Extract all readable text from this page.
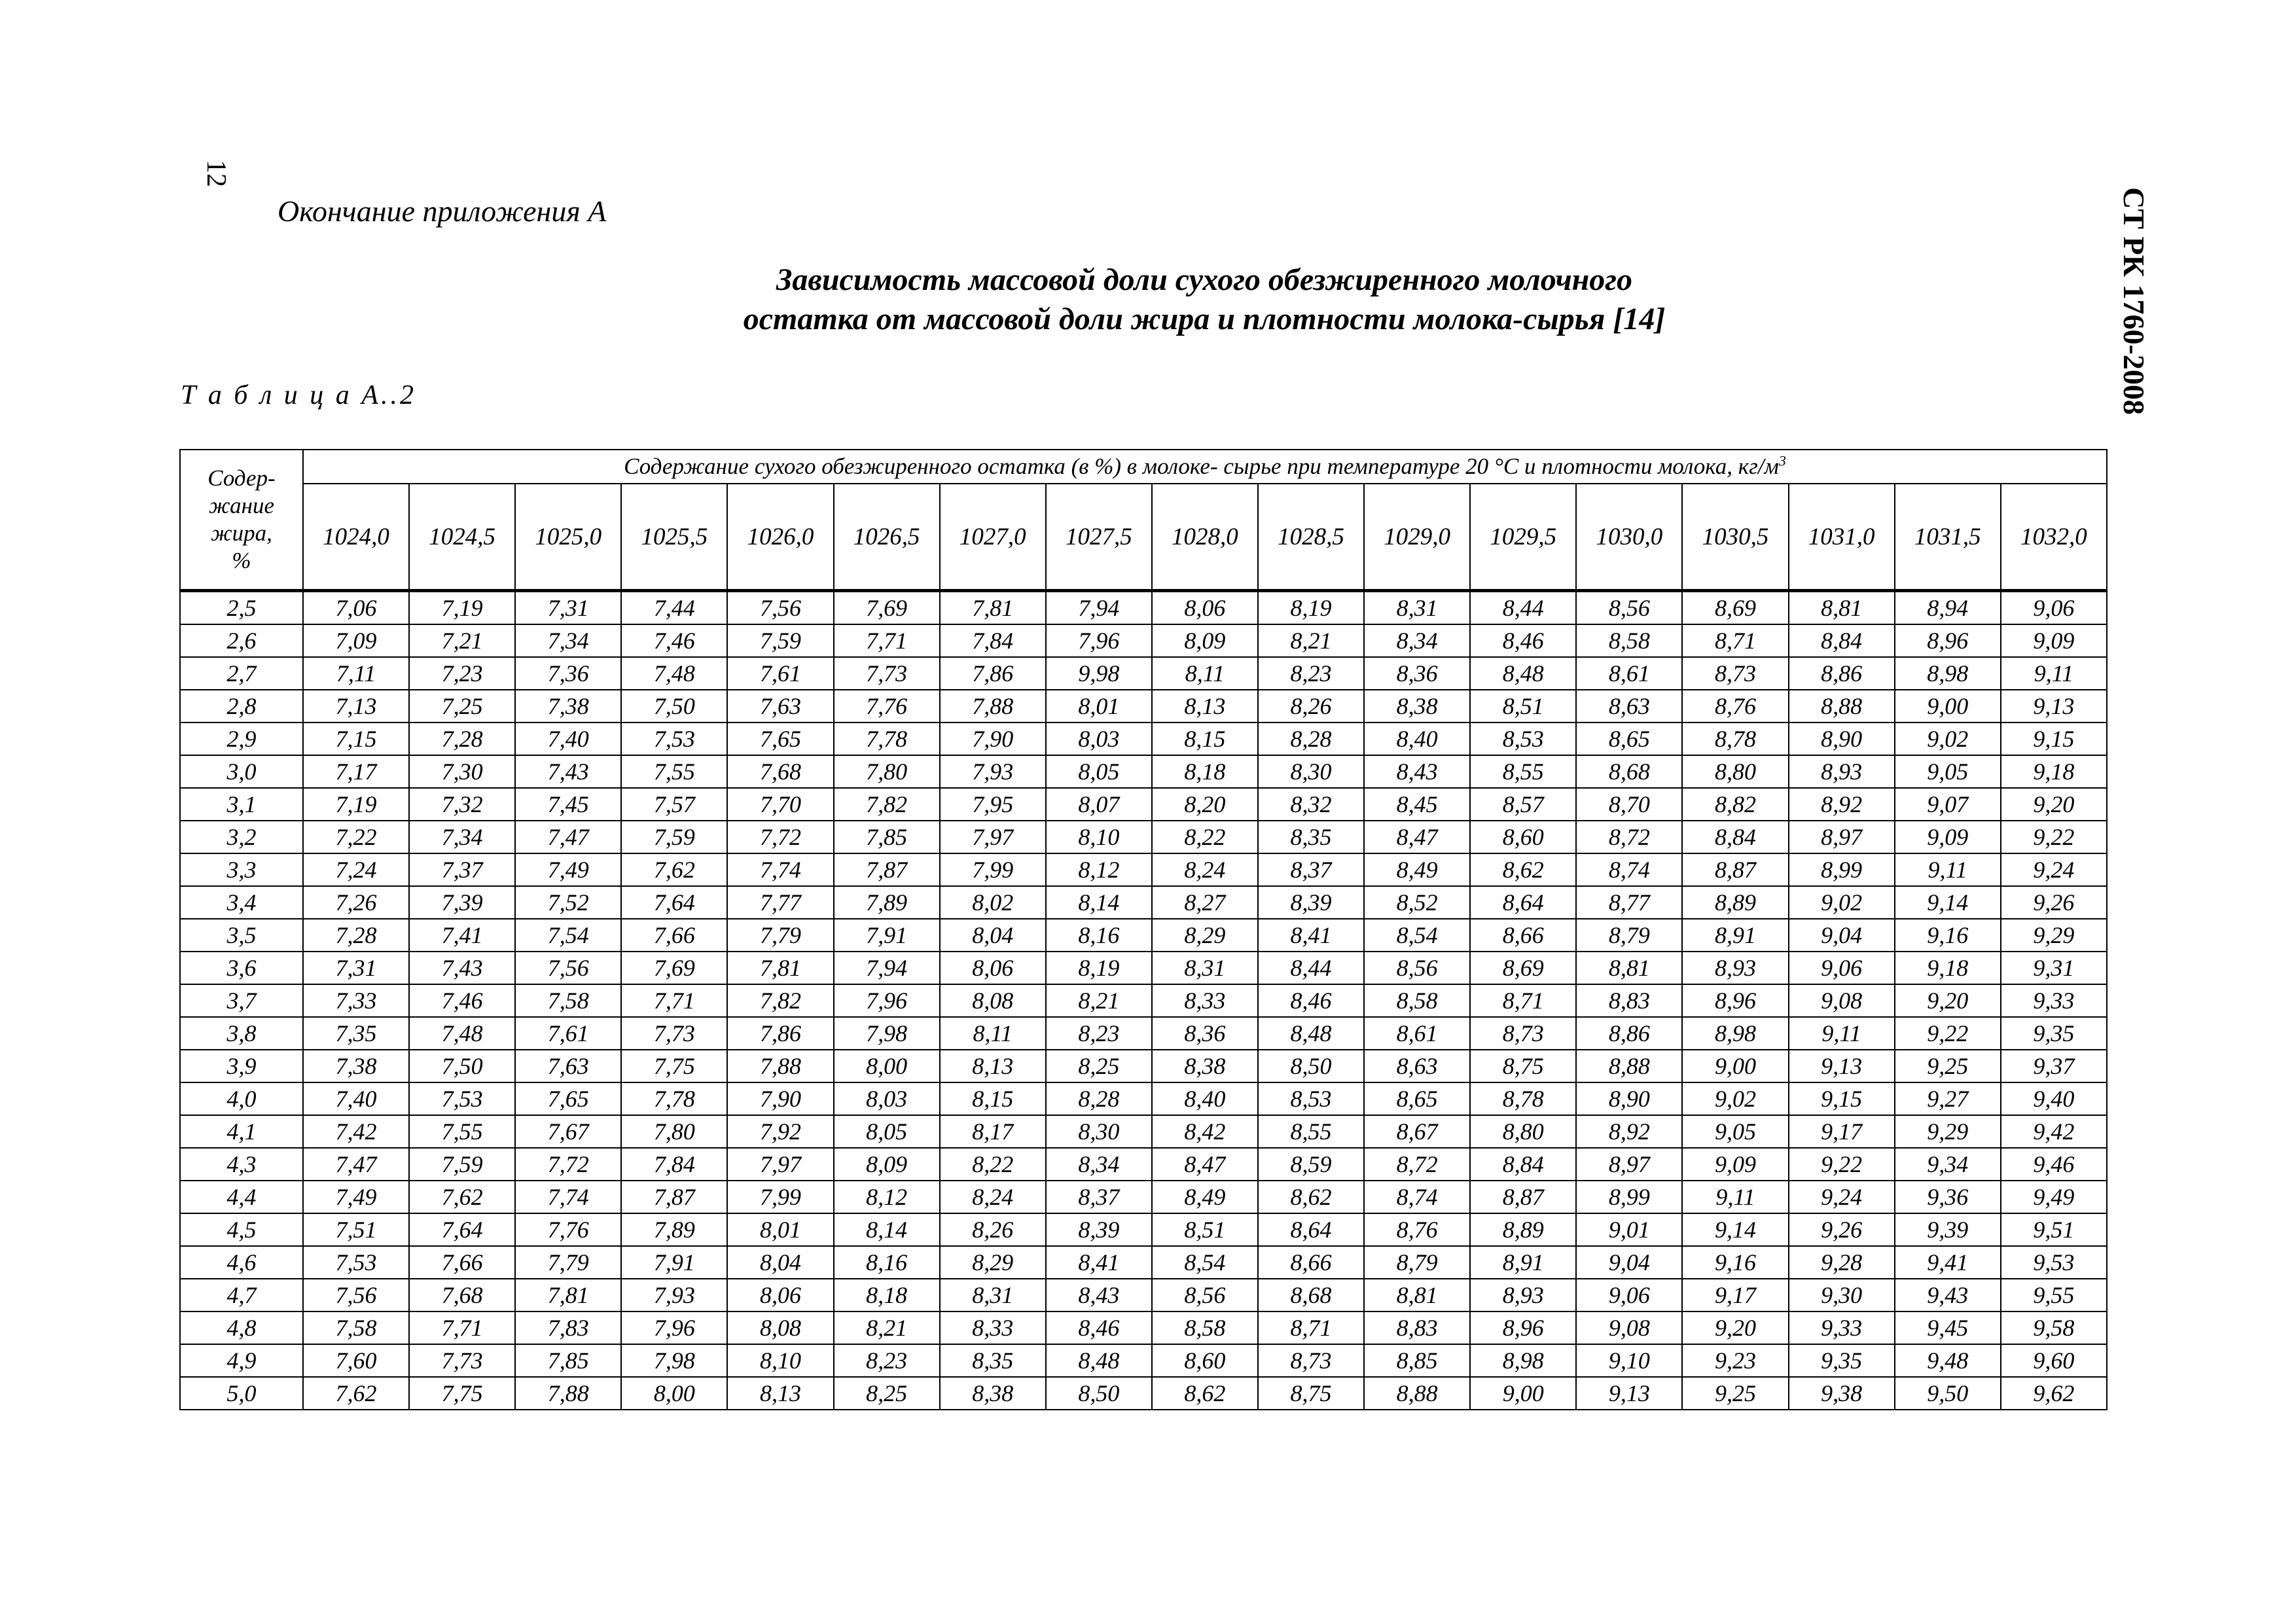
12
СТ РК 1760-2008
Окончание приложения А
Зависимость массовой доли сухого обезжиренного молочного
остатка от массовой доли жира и плотности молока-сырья [14]
Т а б л и ц а А..2
Содер-
жание
жира,
%	Содержание сухого обезжиренного остатка (в %) в молоке- сырье при температуре 20 °С и плотности молока, $кг/м^3$
	1024,0	1024,5	1025,0	1025,5	1026,0	1026,5	1027,0	1027,5	1028,0	1028,5	1029,0	1029,5	1030,0	1030,5	1031,0	1031,5	1032,0
2,5	7,06	7,19	7,31	7,44	7,56	7,69	7,81	7,94	8,06	8,19	8,31	8,44	8,56	8,69	8,81	8,94	9,06
2,6	7,09	7,21	7,34	7,46	7,59	7,71	7,84	7,96	8,09	8,21	8,34	8,46	8,58	8,71	8,84	8,96	9,09
2,7	7,11	7,23	7,36	7,48	7,61	7,73	7,86	9,98	8,11	8,23	8,36	8,48	8,61	8,73	8,86	8,98	9,11
2,8	7,13	7,25	7,38	7,50	7,63	7,76	7,88	8,01	8,13	8,26	8,38	8,51	8,63	8,76	8,88	9,00	9,13
2,9	7,15	7,28	7,40	7,53	7,65	7,78	7,90	8,03	8,15	8,28	8,40	8,53	8,65	8,78	8,90	9,02	9,15
3,0	7,17	7,30	7,43	7,55	7,68	7,80	7,93	8,05	8,18	8,30	8,43	8,55	8,68	8,80	8,93	9,05	9,18
3,1	7,19	7,32	7,45	7,57	7,70	7,82	7,95	8,07	8,20	8,32	8,45	8,57	8,70	8,82	8,92	9,07	9,20
3,2	7,22	7,34	7,47	7,59	7,72	7,85	7,97	8,10	8,22	8,35	8,47	8,60	8,72	8,84	8,97	9,09	9,22
3,3	7,24	7,37	7,49	7,62	7,74	7,87	7,99	8,12	8,24	8,37	8,49	8,62	8,74	8,87	8,99	9,11	9,24
3,4	7,26	7,39	7,52	7,64	7,77	7,89	8,02	8,14	8,27	8,39	8,52	8,64	8,77	8,89	9,02	9,14	9,26
3,5	7,28	7,41	7,54	7,66	7,79	7,91	8,04	8,16	8,29	8,41	8,54	8,66	8,79	8,91	9,04	9,16	9,29
3,6	7,31	7,43	7,56	7,69	7,81	7,94	8,06	8,19	8,31	8,44	8,56	8,69	8,81	8,93	9,06	9,18	9,31
3,7	7,33	7,46	7,58	7,71	7,82	7,96	8,08	8,21	8,33	8,46	8,58	8,71	8,83	8,96	9,08	9,20	9,33
3,8	7,35	7,48	7,61	7,73	7,86	7,98	8,11	8,23	8,36	8,48	8,61	8,73	8,86	8,98	9,11	9,22	9,35
3,9	7,38	7,50	7,63	7,75	7,88	8,00	8,13	8,25	8,38	8,50	8,63	8,75	8,88	9,00	9,13	9,25	9,37
4,0	7,40	7,53	7,65	7,78	7,90	8,03	8,15	8,28	8,40	8,53	8,65	8,78	8,90	9,02	9,15	9,27	9,40
4,1	7,42	7,55	7,67	7,80	7,92	8,05	8,17	8,30	8,42	8,55	8,67	8,80	8,92	9,05	9,17	9,29	9,42
4,3	7,47	7,59	7,72	7,84	7,97	8,09	8,22	8,34	8,47	8,59	8,72	8,84	8,97	9,09	9,22	9,34	9,46
4,4	7,49	7,62	7,74	7,87	7,99	8,12	8,24	8,37	8,49	8,62	8,74	8,87	8,99	9,11	9,24	9,36	9,49
4,5	7,51	7,64	7,76	7,89	8,01	8,14	8,26	8,39	8,51	8,64	8,76	8,89	9,01	9,14	9,26	9,39	9,51
4,6	7,53	7,66	7,79	7,91	8,04	8,16	8,29	8,41	8,54	8,66	8,79	8,91	9,04	9,16	9,28	9,41	9,53
4,7	7,56	7,68	7,81	7,93	8,06	8,18	8,31	8,43	8,56	8,68	8,81	8,93	9,06	9,17	9,30	9,43	9,55
4,8	7,58	7,71	7,83	7,96	8,08	8,21	8,33	8,46	8,58	8,71	8,83	8,96	9,08	9,20	9,33	9,45	9,58
4,9	7,60	7,73	7,85	7,98	8,10	8,23	8,35	8,48	8,60	8,73	8,85	8,98	9,10	9,23	9,35	9,48	9,60
5,0	7,62	7,75	7,88	8,00	8,13	8,25	8,38	8,50	8,62	8,75	8,88	9,00	9,13	9,25	9,38	9,50	9,62
